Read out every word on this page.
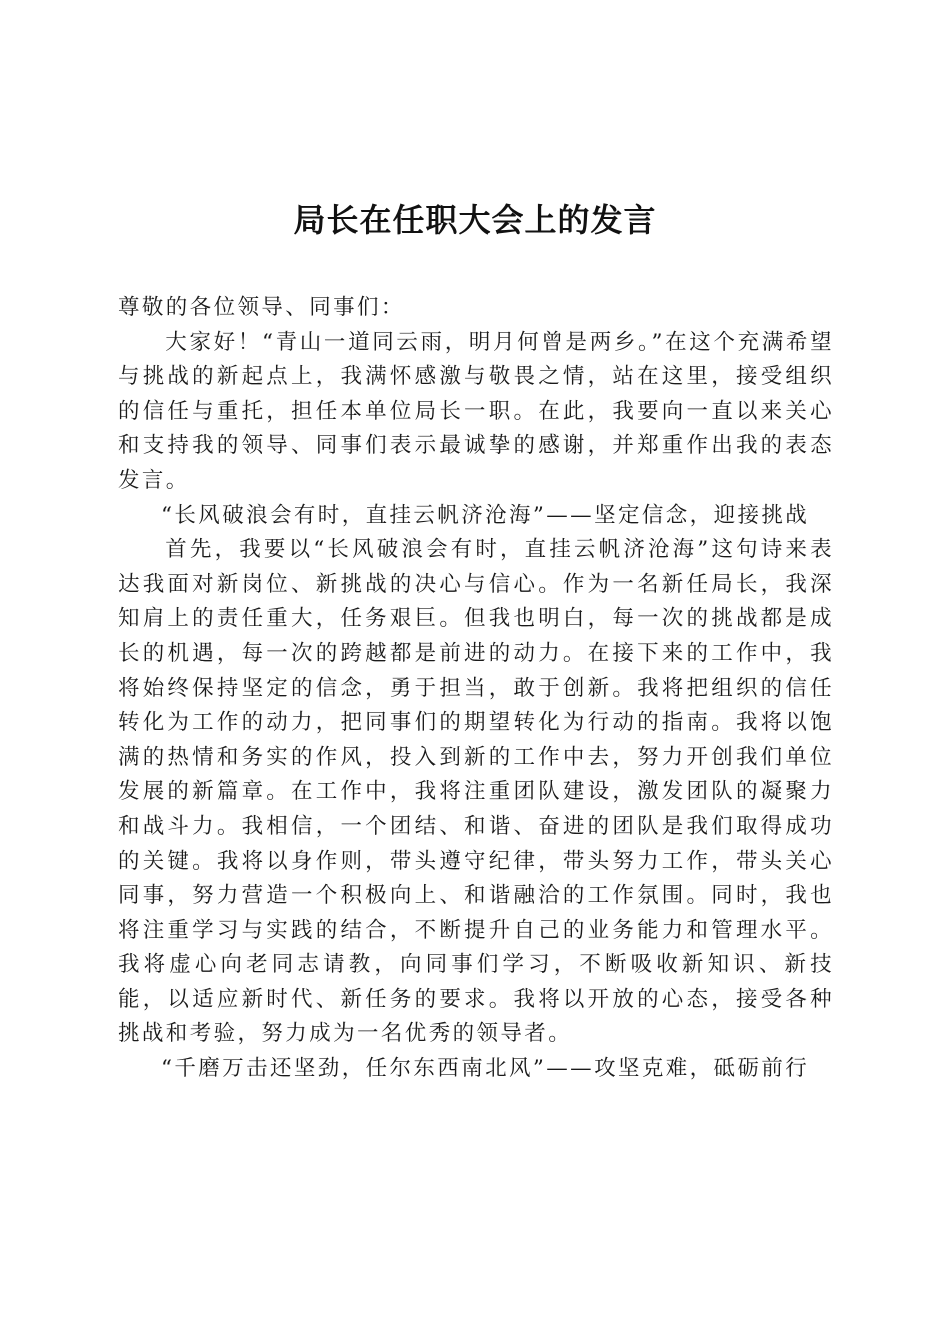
局长在任职大会上的发言

尊敬的各位领导、同事们：

大家好！“青山一道同云雨，明月何曾是两乡。”在这个充满希望与挑战的新起点上，我满怀感激与敬畏之情，站在这里，接受组织的信任与重托，担任本单位局长一职。在此，我要向一直以来关心和支持我的领导、同事们表示最诚挚的感谢，并郑重作出我的表态发言。

“长风破浪会有时，直挂云帆济沧海”——坚定信念，迎接挑战

首先，我要以“长风破浪会有时，直挂云帆济沧海”这句诗来表达我面对新岗位、新挑战的决心与信心。作为一名新任局长，我深知肩上的责任重大，任务艰巨。但我也明白，每一次的挑战都是成长的机遇，每一次的跨越都是前进的动力。在接下来的工作中，我将始终保持坚定的信念，勇于担当，敢于创新。我将把组织的信任转化为工作的动力，把同事们的期望转化为行动的指南。我将以饱满的热情和务实的作风，投入到新的工作中去，努力开创我们单位发展的新篇章。在工作中，我将注重团队建设，激发团队的凝聚力和战斗力。我相信，一个团结、和谐、奋进的团队是我们取得成功的关键。我将以身作则，带头遵守纪律，带头努力工作，带头关心同事，努力营造一个积极向上、和谐融洽的工作氛围。同时，我也将注重学习与实践的结合，不断提升自己的业务能力和管理水平。我将虚心向老同志请教，向同事们学习，不断吸收新知识、新技能，以适应新时代、新任务的要求。我将以开放的心态，接受各种挑战和考验，努力成为一名优秀的领导者。

“千磨万击还坚劲，任尔东西南北风”——攻坚克难，砥砺前行
